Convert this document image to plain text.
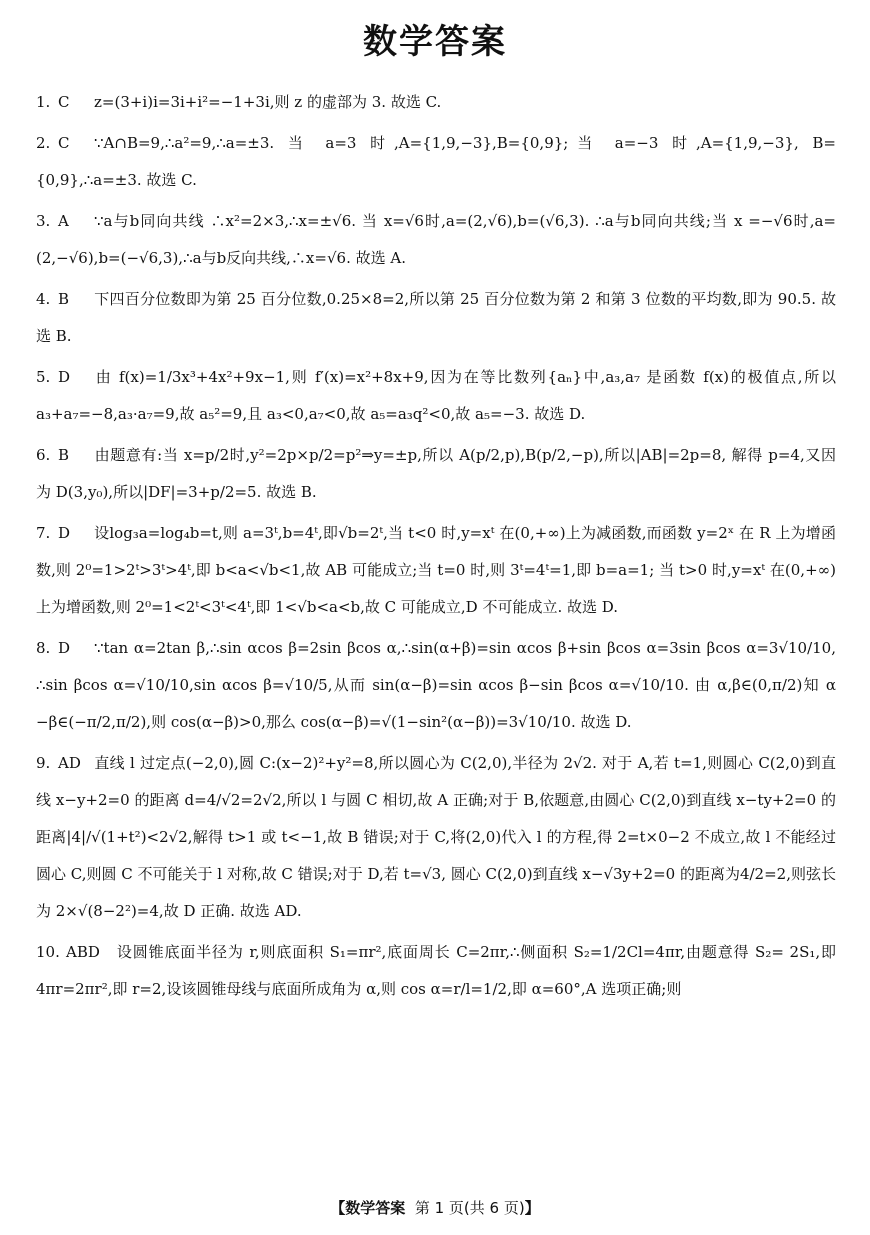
数学答案
1. C z=(3+i)i=3i+i²=−1+3i,则 z 的虚部为 3. 故选 C.
2. C ∵A∩B=9,∴a²=9,∴a=±3. 当 a=3 时,A={1,9,−3},B={0,9};当 a=−3 时,A={1,9,−3}, B={0,9},∴a=±3. 故选 C.
3. A ∵a与b同向共线 ∴x²=2×3,∴x=±√6. 当 x=√6时,a=(2,√6),b=(√6,3). ∴a与b同向共线;当 x =−√6时,a=(2,−√6),b=(−√6,3),∴a与b反向共线,∴x=√6. 故选 A.
4. B 下四百分位数即为第 25 百分位数,0.25×8=2,所以第 25 百分位数为第 2 和第 3 位数的平均数,即为 90.5. 故选 B.
5. D 由 f(x)=1/3x³+4x²+9x−1,则 f′(x)=x²+8x+9,因为在等比数列{aₙ}中,a₃,a₇ 是函数 f(x)的极值点,所以 a₃+a₇=−8,a₃·a₇=9,故 a₅²=9,且 a₃<0,a₇<0,故 a₅=a₃q²<0,故 a₅=−3. 故选 D.
6. B 由题意有:当 x=p/2时,y²=2p×p/2=p²⇒y=±p,所以 A(p/2,p),B(p/2,−p),所以|AB|=2p=8, 解得 p=4,又因为 D(3,y₀),所以|DF|=3+p/2=5. 故选 B.
7. D 设log₃a=log₄b=t,则 a=3ᵗ,b=4ᵗ,即√b=2ᵗ,当 t<0 时,y=xᵗ 在(0,+∞)上为减函数,而函数 y=2ˣ 在 R 上为增函数,则 2⁰=1>2ᵗ>3ᵗ>4ᵗ,即 b<a<√b<1,故 AB 可能成立;当 t=0 时,则 3ᵗ=4ᵗ=1,即 b=a=1; 当 t>0 时,y=xᵗ 在(0,+∞)上为增函数,则 2⁰=1<2ᵗ<3ᵗ<4ᵗ,即 1<√b<a<b,故 C 可能成立,D 不可能成立. 故选 D.
8. D ∵tan α=2tan β,∴sin αcos β=2sin βcos α,∴sin(α+β)=sin αcos β+sin βcos α=3sin βcos α=3√10/10, ∴sin βcos α=√10/10,sin αcos β=√10/5,从而 sin(α−β)=sin αcos β−sin βcos α=√10/10. 由 α,β∈(0,π/2)知 α −β∈(−π/2,π/2),则 cos(α−β)>0,那么 cos(α−β)=√(1−sin²(α−β))=3√10/10. 故选 D.
9. AD 直线 l 过定点(−2,0),圆 C:(x−2)²+y²=8,所以圆心为 C(2,0),半径为 2√2. 对于 A,若 t=1,则圆心 C(2,0)到直线 x−y+2=0 的距离 d=4/√2=2√2,所以 l 与圆 C 相切,故 A 正确;对于 B,依题意,由圆心 C(2,0)到直线 x−ty+2=0 的距离|4|/√(1+t²)<2√2,解得 t>1 或 t<−1,故 B 错误;对于 C,将(2,0)代入 l 的方程,得 2=t×0−2 不成立,故 l 不能经过圆心 C,则圆 C 不可能关于 l 对称,故 C 错误;对于 D,若 t=√3, 圆心 C(2,0)到直线 x−√3y+2=0 的距离为4/2=2,则弦长为 2×√(8−2²)=4,故 D 正确. 故选 AD.
10. ABD 设圆锥底面半径为 r,则底面积 S₁=πr²,底面周长 C=2πr,∴侧面积 S₂=1/2Cl=4πr,由题意得 S₂= 2S₁,即 4πr=2πr²,即 r=2,设该圆锥母线与底面所成角为 α,则 cos α=r/l=1/2,即 α=60°,A 选项正确;则
【数学答案 第 1 页(共 6 页)】
